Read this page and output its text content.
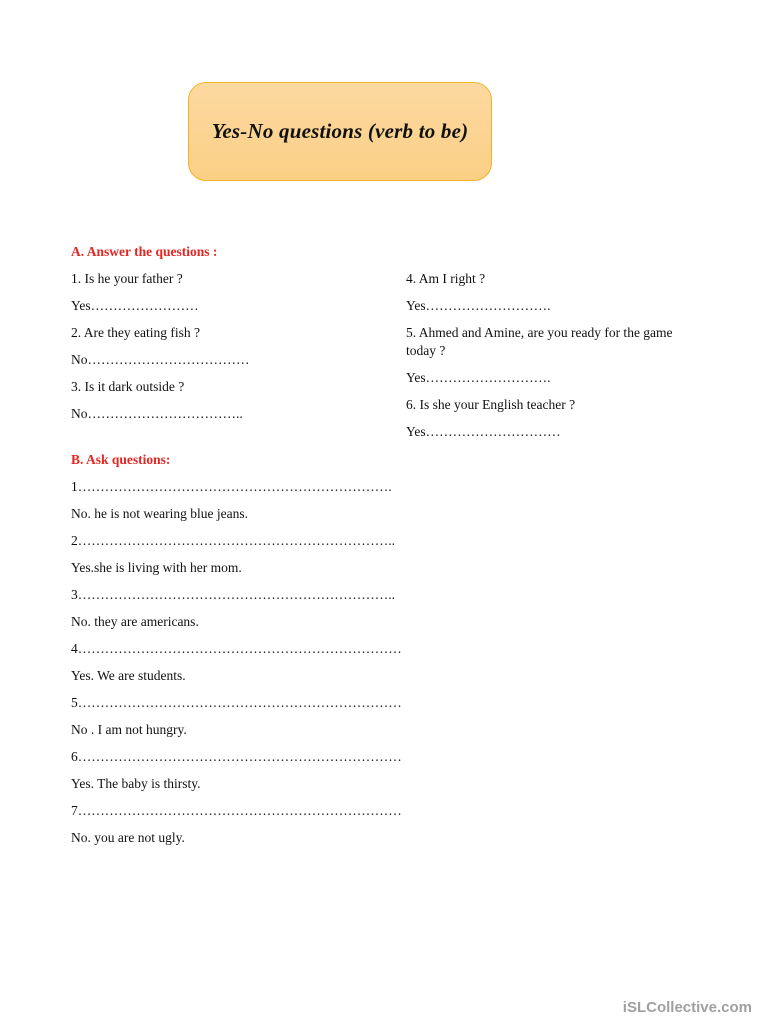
Yes-No questions (verb to be)
A. Answer the questions :
1. Is he your father ?
Yes……………………
2. Are they eating fish ?
No………………………………
3. Is it dark outside ?
No……………………………..
4. Am I right ?
Yes……………………….
5. Ahmed and Amine, are you ready for the game today ?
Yes……………………….
6. Is she your English teacher ?
Yes…………………………
B. Ask questions:
1…………………………………………………………….
No. he is not wearing blue jeans.
2……………………………………………………………..
Yes.she is living with her mom.
3……………………………………………………………..
No. they are americans.
4………………………………………………………………
Yes. We are students.
5………………………………………………………………
No . I am not hungry.
6………………………………………………………………
Yes. The baby is thirsty.
7………………………………………………………………
No. you are not ugly.
iSLCollective.com
